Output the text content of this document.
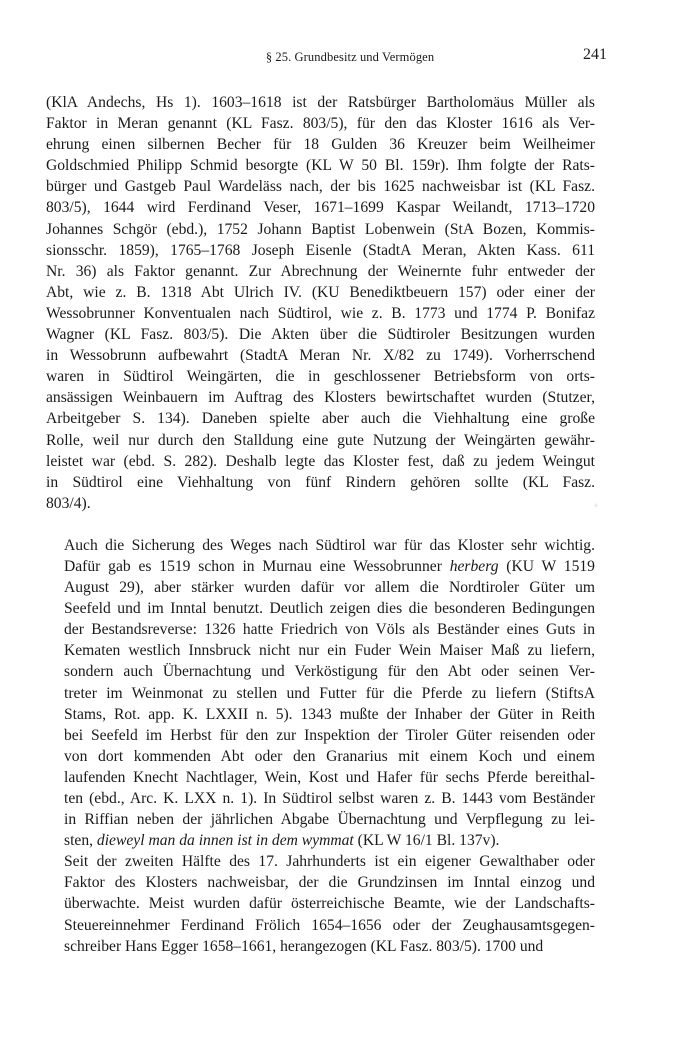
§ 25. Grundbesitz und Vermögen	241

(KlA Andechs, Hs 1). 1603–1618 ist der Ratsbürger Bartholomäus Müller als
Faktor in Meran genannt (KL Fasz. 803/5), für den das Kloster 1616 als Ver-
ehrung einen silbernen Becher für 18 Gulden 36 Kreuzer beim Weilheimer
Goldschmied Philipp Schmid besorgte (KL W 50 Bl. 159r). Ihm folgte der Rats-
bürger und Gastgeb Paul Wardeläss nach, der bis 1625 nachweisbar ist (KL Fasz.
803/5), 1644 wird Ferdinand Veser, 1671–1699 Kaspar Weilandt, 1713–1720
Johannes Schgör (ebd.), 1752 Johann Baptist Lobenwein (StA Bozen, Kommis-
sionsschr. 1859), 1765–1768 Joseph Eisenle (StadtA Meran, Akten Kass. 611
Nr. 36) als Faktor genannt. Zur Abrechnung der Weinernte fuhr entweder der
Abt, wie z. B. 1318 Abt Ulrich IV. (KU Benediktbeuern 157) oder einer der
Wessobrunner Konventualen nach Südtirol, wie z. B. 1773 und 1774 P. Bonifaz
Wagner (KL Fasz. 803/5). Die Akten über die Südtiroler Besitzungen wurden
in Wessobrunn aufbewahrt (StadtA Meran Nr. X/82 zu 1749). Vorherrschend
waren in Südtirol Weingärten, die in geschlossener Betriebsform von orts-
ansässigen Weinbauern im Auftrag des Klosters bewirtschaftet wurden (Stutzer,
Arbeitgeber S. 134). Daneben spielte aber auch die Viehhaltung eine große
Rolle, weil nur durch den Stalldung eine gute Nutzung der Weingärten gewähr-
leistet war (ebd. S. 282). Deshalb legte das Kloster fest, daß zu jedem Weingut
in Südtirol eine Viehhaltung von fünf Rindern gehören sollte (KL Fasz.
803/4).

Auch die Sicherung des Weges nach Südtirol war für das Kloster sehr wichtig.
Dafür gab es 1519 schon in Murnau eine Wessobrunner herberg (KU W 1519
August 29), aber stärker wurden dafür vor allem die Nordtiroler Güter um
Seefeld und im Inntal benutzt. Deutlich zeigen dies die besonderen Bedingungen
der Bestandsreverse: 1326 hatte Friedrich von Völs als Beständer eines Guts in
Kematen westlich Innsbruck nicht nur ein Fuder Wein Maiser Maß zu liefern,
sondern auch Übernachtung und Verköstigung für den Abt oder seinen Ver-
treter im Weinmonat zu stellen und Futter für die Pferde zu liefern (StiftsA
Stams, Rot. app. K. LXXII n. 5). 1343 mußte der Inhaber der Güter in Reith
bei Seefeld im Herbst für den zur Inspektion der Tiroler Güter reisenden oder
von dort kommenden Abt oder den Granarius mit einem Koch und einem
laufenden Knecht Nachtlager, Wein, Kost und Hafer für sechs Pferde bereithal-
ten (ebd., Arc. K. LXX n. 1). In Südtirol selbst waren z. B. 1443 vom Beständer
in Riffian neben der jährlichen Abgabe Übernachtung und Verpflegung zu lei-
sten, dieweyl man da innen ist in dem wymmat (KL W 16/1 Bl. 137v).

Seit der zweiten Hälfte des 17. Jahrhunderts ist ein eigener Gewalthaber oder
Faktor des Klosters nachweisbar, der die Grundzinsen im Inntal einzog und
überwachte. Meist wurden dafür österreichische Beamte, wie der Landschafts-
Steuereinnehmer Ferdinand Frölich 1654–1656 oder der Zeughausamtsgegen-
schreiber Hans Egger 1658–1661, herangezogen (KL Fasz. 803/5). 1700 und

✧
